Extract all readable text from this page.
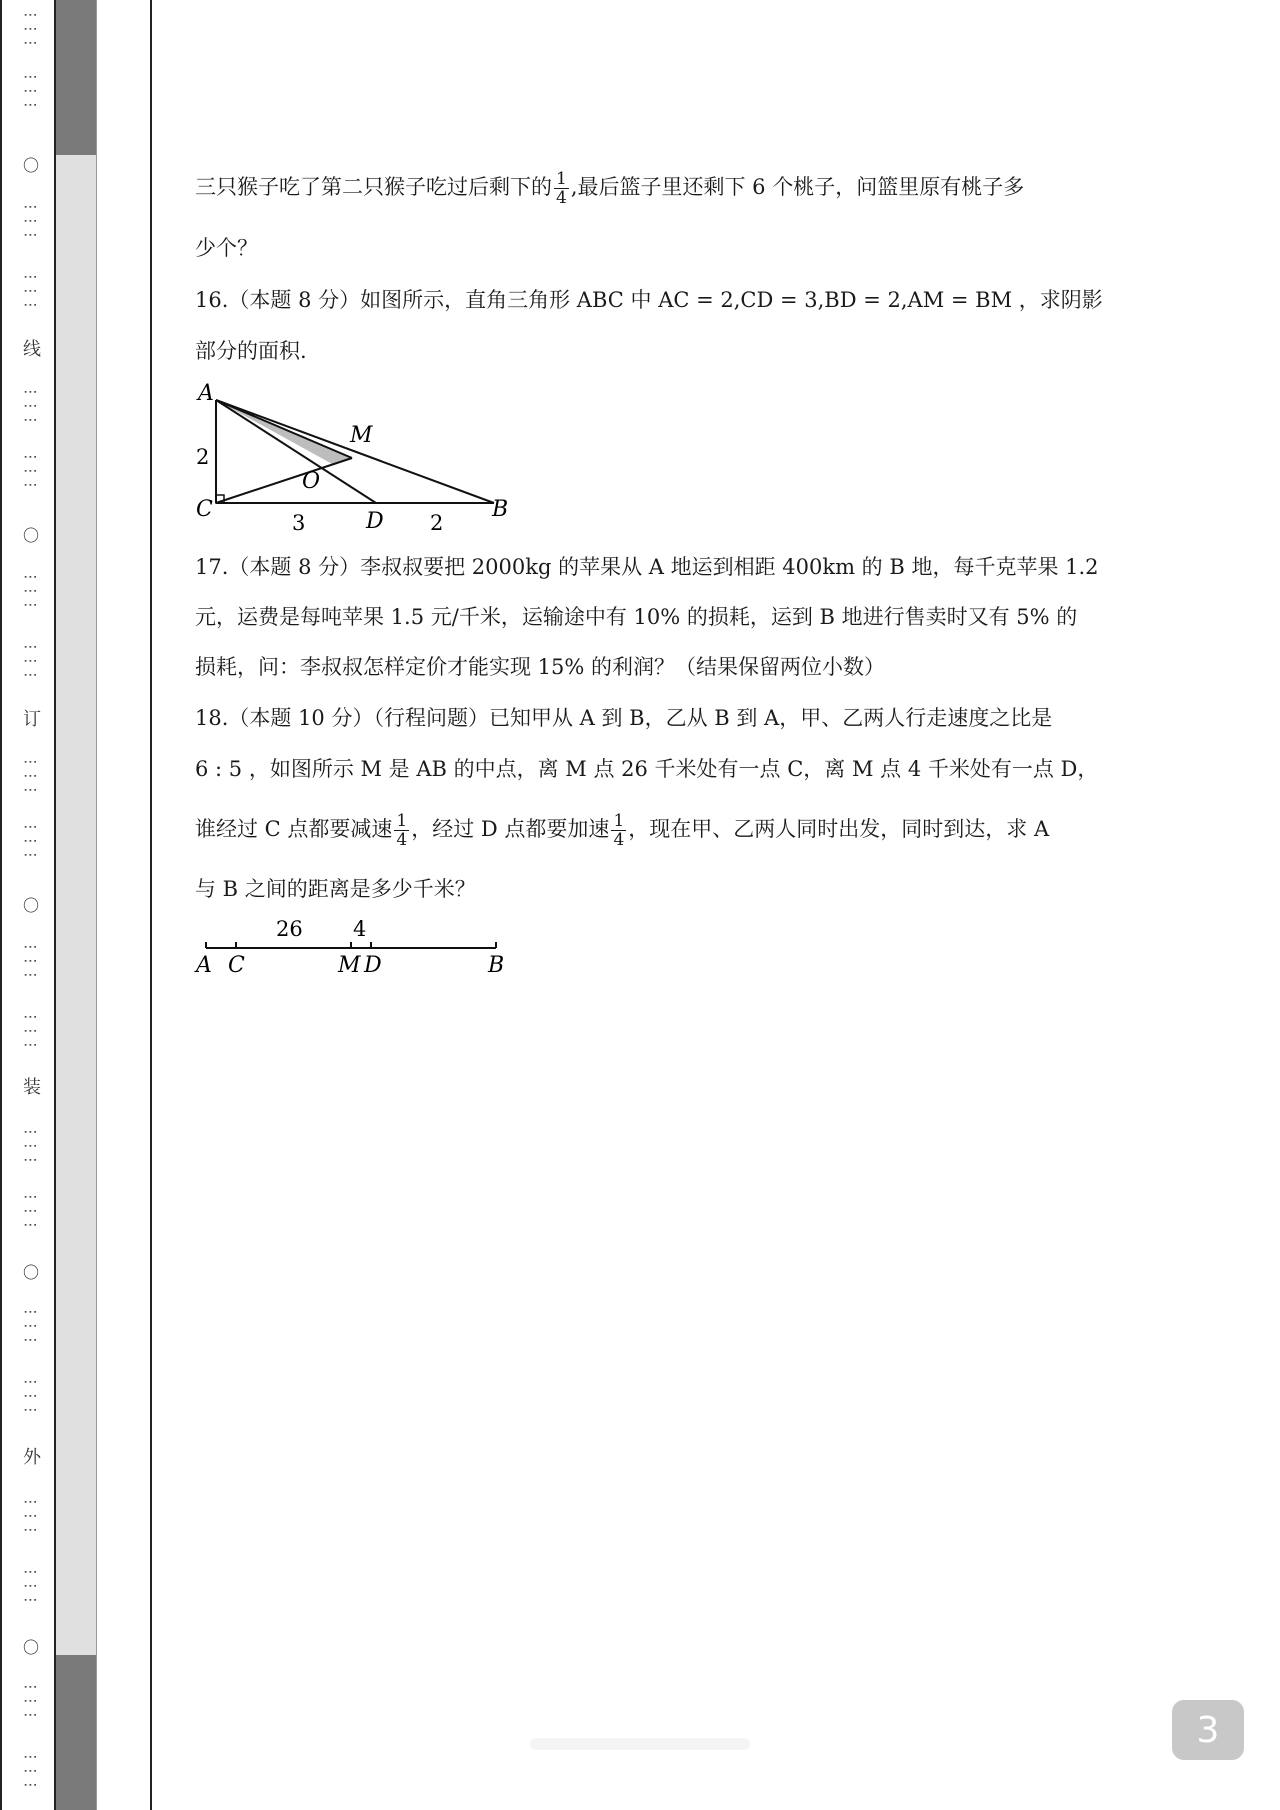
⋮⋮⋮
⋮⋮⋮
〇
⋮⋮⋮
⋮⋮⋮
线
⋮⋮⋮
⋮⋮⋮
〇
⋮⋮⋮
⋮⋮⋮
订
⋮⋮⋮
⋮⋮⋮
〇
⋮⋮⋮
⋮⋮⋮
装
⋮⋮⋮
⋮⋮⋮
〇
⋮⋮⋮
⋮⋮⋮
外
⋮⋮⋮
⋮⋮⋮
〇
⋮⋮⋮
⋮⋮⋮
三只猴子吃了第二只猴子吃过后剩下的 $\frac{1}{4}$ ,最后篮子里还剩下 6 个桃子，问篮里原有桃子多
少个？
16.（本题 8 分）如图所示，直角三角形 ABC 中 AC = 2,CD = 3,BD = 2,AM = BM ，求阴影
部分的面积.
A
M
O
C	D	B
2
3	2
17.（本题 8 分）李叔叔要把 2000kg 的苹果从 A 地运到相距 400km 的 B 地，每千克苹果 1.2
元，运费是每吨苹果 1.5 元/千米，运输途中有 10% 的损耗，运到 B 地进行售卖时又有 5% 的
损耗，问：李叔叔怎样定价才能实现 15% 的利润？（结果保留两位小数）
18.（本题 10 分）（行程问题）已知甲从 A 到 B，乙从 B 到 A，甲、乙两人行走速度之比是
6 : 5 ，如图所示 M 是 AB 的中点，离 M 点 26 千米处有一点 C，离 M 点 4 千米处有一点 D，
谁经过 C 点都要减速 $\frac{1}{4}$ ，经过 D 点都要加速 $\frac{1}{4}$ ，现在甲、乙两人同时出发，同时到达，求 A
与 B 之间的距离是多少千米？
26 4
A C	M D	B
3
